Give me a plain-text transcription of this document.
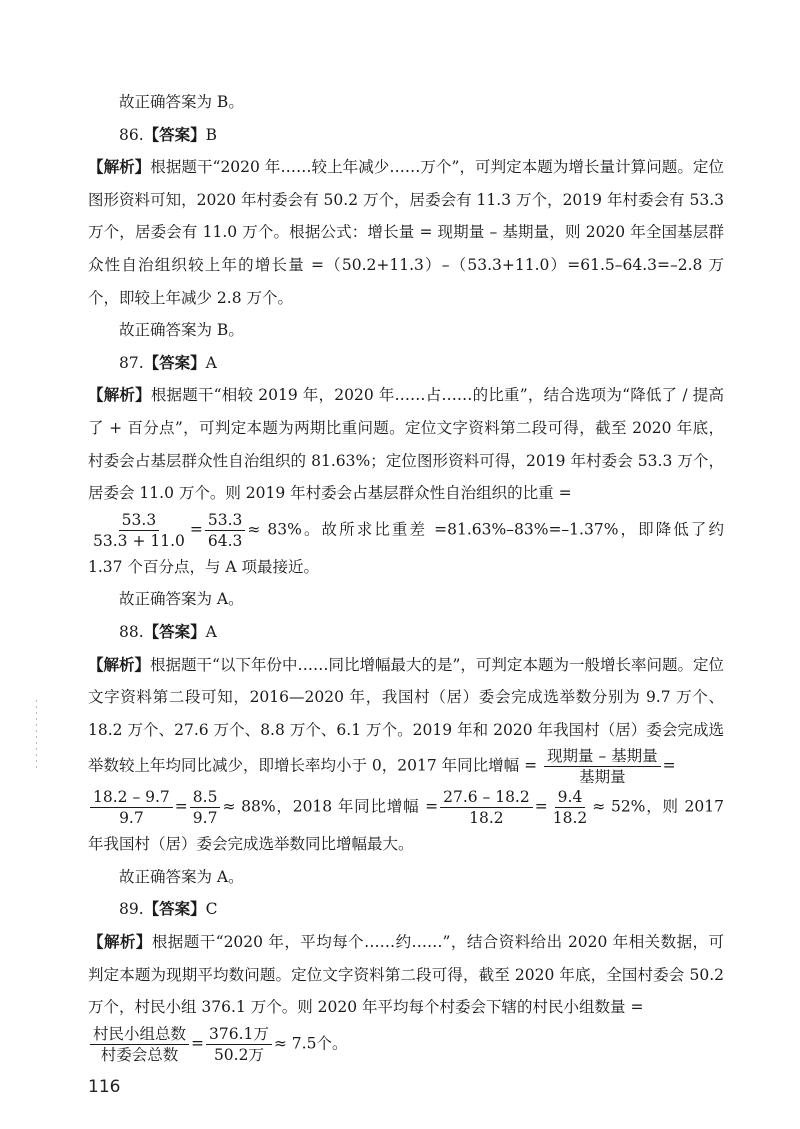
故正确答案为 B。

86.【答案】B

【解析】根据题干“2020 年……较上年减少……万个”，可判定本题为增长量计算问题。定位图形资料可知，2020 年村委会有 50.2 万个，居委会有 11.3 万个，2019 年村委会有 53.3 万个，居委会有 11.0 万个。根据公式：增长量 = 现期量 – 基期量，则 2020 年全国基层群众性自治组织较上年的增长量 =（50.2+11.3）–（53.3+11.0）=61.5–64.3=–2.8 万个，即较上年减少 2.8 万个。

故正确答案为 B。

87.【答案】A

【解析】根据题干“相较 2019 年，2020 年……占……的比重”，结合选项为“降低了 / 提高了 + 百分点”，可判定本题为两期比重问题。定位文字资料第二段可得，截至 2020 年底，村委会占基层群众性自治组织的 81.63%；定位图形资料可得，2019 年村委会 53.3 万个，居委会 11.0 万个。则 2019 年村委会占基层群众性自治组织的比重 =

$\frac{53.3}{53.3 + 11.0} = \frac{53.3}{64.3} \approx 83\%$。故所求比重差 =81.63%–83%=–1.37%，即降低了约 1.37 个百分点，与 A 项最接近。

故正确答案为 A。

88.【答案】A

【解析】根据题干“以下年份中……同比增幅最大的是”，可判定本题为一般增长率问题。定位文字资料第二段可知，2016—2020 年，我国村（居）委会完成选举数分别为 9.7 万个、18.2 万个、27.6 万个、8.8 万个、6.1 万个。2019 年和 2020 年我国村（居）委会完成选举数较上年均同比减少，即增长率均小于 0，2017 年同比增幅 = $\frac{\text{现期量 – 基期量}}{\text{基期量}}$ =

$\frac{18.2 - 9.7}{9.7} = \frac{8.5}{9.7} \approx 88\%$，2018 年同比增幅 = $\frac{27.6 - 18.2}{18.2} = \frac{9.4}{18.2} \approx 52\%$，则 2017 年我国村（居）委会完成选举数同比增幅最大。

故正确答案为 A。

89.【答案】C

【解析】根据题干“2020 年，平均每个……约……”，结合资料给出 2020 年相关数据，可判定本题为现期平均数问题。定位文字资料第二段可得，截至 2020 年底，全国村委会 50.2 万个，村民小组 376.1 万个。则 2020 年平均每个村委会下辖的村民小组数量 =

$\frac{\text{村民小组总数}}{\text{村委会总数}} = \frac{\text{376.1万}}{\text{50.2万}} \approx 7.5$个。

116
